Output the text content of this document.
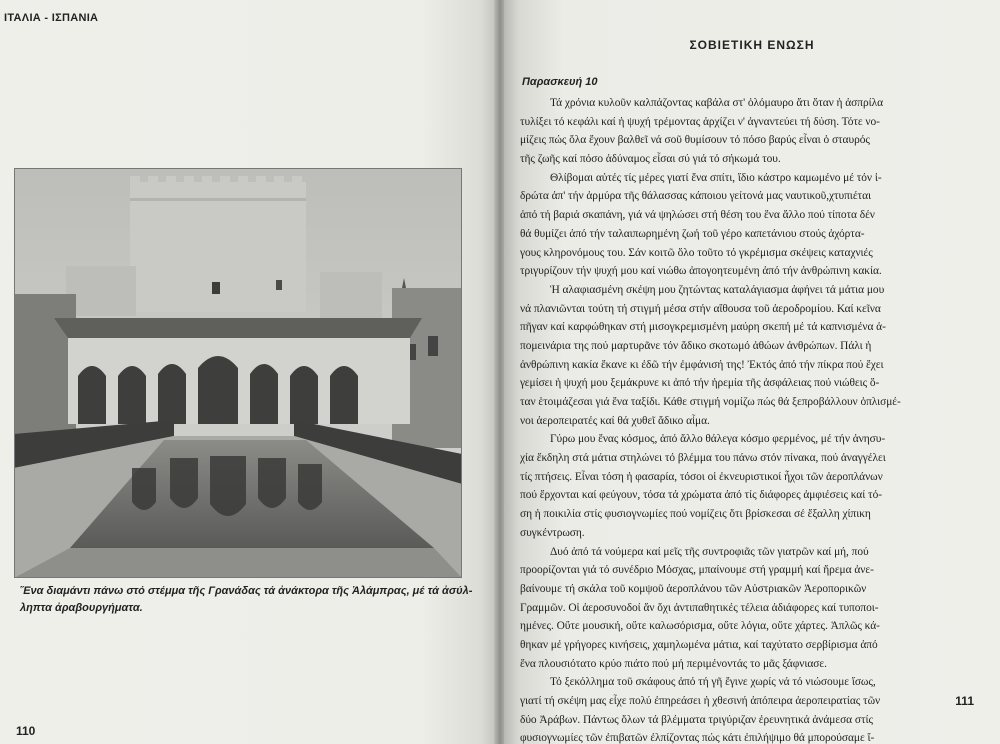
ΙΤΑΛΙΑ - ΙΣΠΑΝΙΑ

Ἕνα διαμάντι πάνω στό στέμμα τῆς Γρανάδας τά ἀνάκτορα τῆς Ἀλάμπρας, μέ τά ἀσύλ-

ληπτα ἀραβουργήματα.

110
ΣΟΒΙΕΤΙΚΗ ΕΝΩΣΗ
Παρασκευή 10
Τά χρόνια κυλοῦν καλπάζοντας καβάλα στ' ὁλόμαυρο ἄτι ὅταν ἡ ἀσπρίλα
τυλίξει τό κεφάλι καί ἡ ψυχή τρέμοντας ἀρχίζει ν' ἀγναντεύει τή δύση. Τότε νο-
μίζεις πώς ὅλα ἔχουν βαλθεῖ νά σοῦ θυμίσουν τό πόσο βαρύς εἶναι ὁ σταυρός
τῆς ζωῆς καί πόσο ἀδύναμος εἶσαι σύ γιά τό σήκωμά του.
Θλίβομαι αὐτές τίς μέρες γιατί ἕνα σπίτι, ἴδιο κάστρο καμωμένο μέ τόν ἱ-
δρώτα ἀπ' τήν ἁρμύρα τῆς θάλασσας κάποιου γείτονά μας ναυτικοῦ,χτυπιέται
ἀπό τή βαριά σκαπάνη, γιά νά ψηλώσει στή θέση του ἕνα ἄλλο πού τίποτα δέν
θά θυμίζει ἀπό τήν ταλαιπωρημένη ζωή τοῦ γέρο καπετάνιου στούς ἀχόρτα-
γους κληρονόμους του. Σάν κοιτῶ ὅλο τοῦτο τό γκρέμισμα σκέψεις καταχνιές
τριγυρίζουν τήν ψυχή μου καί νιώθω ἀπογοητευμένη ἀπό τήν ἀνθρώπινη κακία.
Ἡ αλαφιασμένη σκέψη μου ζητώντας καταλάγιασμα ἀφήνει τά μάτια μου
νά πλανιῶνται τούτη τή στιγμή μέσα στήν αἴθουσα τοῦ ἀεροδρομίου. Καί κεῖνα
πῆγαν καί καρφώθηκαν στή μισογκρεμισμένη μαύρη σκεπή μέ τά καπνισμένα ἀ-
πομεινάρια της πού μαρτυρᾶνε τόν ἄδικο σκοτωμό ἀθώων ἀνθρώπων. Πάλι ἡ
ἀνθρώπινη κακία ἔκανε κι ἐδῶ τήν ἐμφάνισή της! Ἐκτός ἀπό τήν πίκρα πού ἔχει
γεμίσει ἡ ψυχή μου ξεμάκρυνε κι ἀπό τήν ἠρεμία τῆς ἀσφάλειας πού νιώθεις ὅ-
ταν ἑτοιμάζεσαι γιά ἕνα ταξίδι. Κάθε στιγμή νομίζω πώς θά ξεπροβάλλουν ὁπλισμέ-
νοι ἀεροπειρατές καί θά χυθεῖ ἄδικο αἷμα.
Γύρω μου ἕνας κόσμος, ἀπό ἄλλο θάλεγα κόσμο φερμένος, μέ τήν ἀνησυ-
χία ἔκδηλη στά μάτια στηλώνει τό βλέμμα του πάνω στόν πίνακα, πού ἀναγγέλει
τίς πτήσεις. Εἶναι τόση ἡ φασαρία, τόσοι οἱ ἐκνευριστικοί ἦχοι τῶν ἀεροπλάνων
πού ἔρχονται καί φεύγουν, τόσα τά χρώματα ἀπό τίς διάφορες ἀμφιέσεις καί τό-
ση ἡ ποικιλία στίς φυσιογνωμίες πού νομίζεις ὅτι βρίσκεσαι σέ ἔξαλλη χίπικη
συγκέντρωση.
Δυό ἀπό τά νούμερα καί μεῖς τῆς συντροφιᾶς τῶν γιατρῶν καί μή, πού
προορίζονται γιά τό συνέδριο Μόσχας, μπαίνουμε στή γραμμή καί ἤρεμα ἀνε-
βαίνουμε τή σκάλα τοῦ κομψοῦ ἀεροπλάνου τῶν Αὐστριακῶν Ἀεροπορικῶν
Γραμμῶν. Οἱ ἀεροσυνοδοί ἄν ὄχι ἀντιπαθητικές τέλεια ἀδιάφορες καί τυποποι-
ημένες. Οὔτε μουσική, οὔτε καλωσόρισμα, οὔτε λόγια, οὔτε χάρτες. Ἁπλῶς κά-
θηκαν μέ γρήγορες κινήσεις, χαμηλωμένα μάτια, καί ταχύτατο σερβίρισμα ἀπό
ἕνα πλουσιότατο κρύο πιάτο πού μή περιμένοντάς το μᾶς ξάφνιασε.
Τό ξεκόλλημα τοῦ σκάφους ἀπό τή γῆ ἔγινε χωρίς νά τό νιώσουμε ἴσως,
γιατί τή σκέψη μας εἶχε πολύ ἐπηρεάσει ἡ χθεσινή ἀπόπειρα ἀεροπειρατίας τῶν
δύο Ἀράβων. Πάντως ὅλων τά βλέμματα τριγύριζαν ἐρευνητικά ἀνάμεσα στίς
φυσιογνωμίες τῶν ἐπιβατῶν ἐλπίζοντας πώς κάτι ἐπιλήψιμο θά μπορούσαμε ἴ-
111
